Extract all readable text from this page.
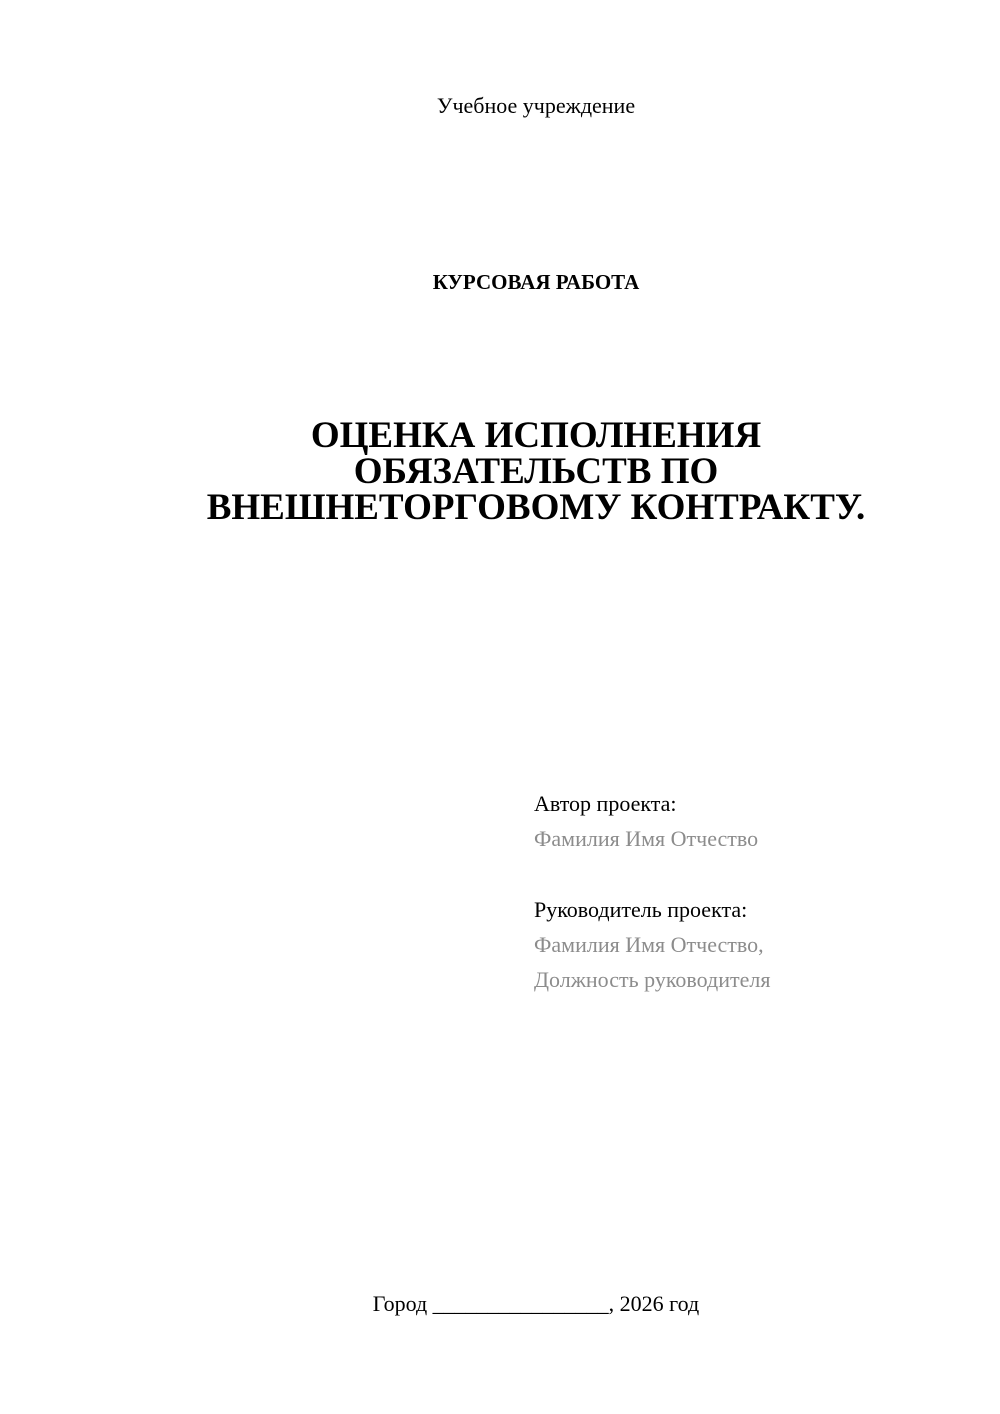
Учебное учреждение
КУРСОВАЯ РАБОТА
ОЦЕНКА ИСПОЛНЕНИЯ
ОБЯЗАТЕЛЬСТВ ПО
ВНЕШНЕТОРГОВОМУ КОНТРАКТУ.
Автор проекта:
Фамилия Имя Отчество
Руководитель проекта:
Фамилия Имя Отчество,
Должность руководителя
Город ________________, 2026 год
